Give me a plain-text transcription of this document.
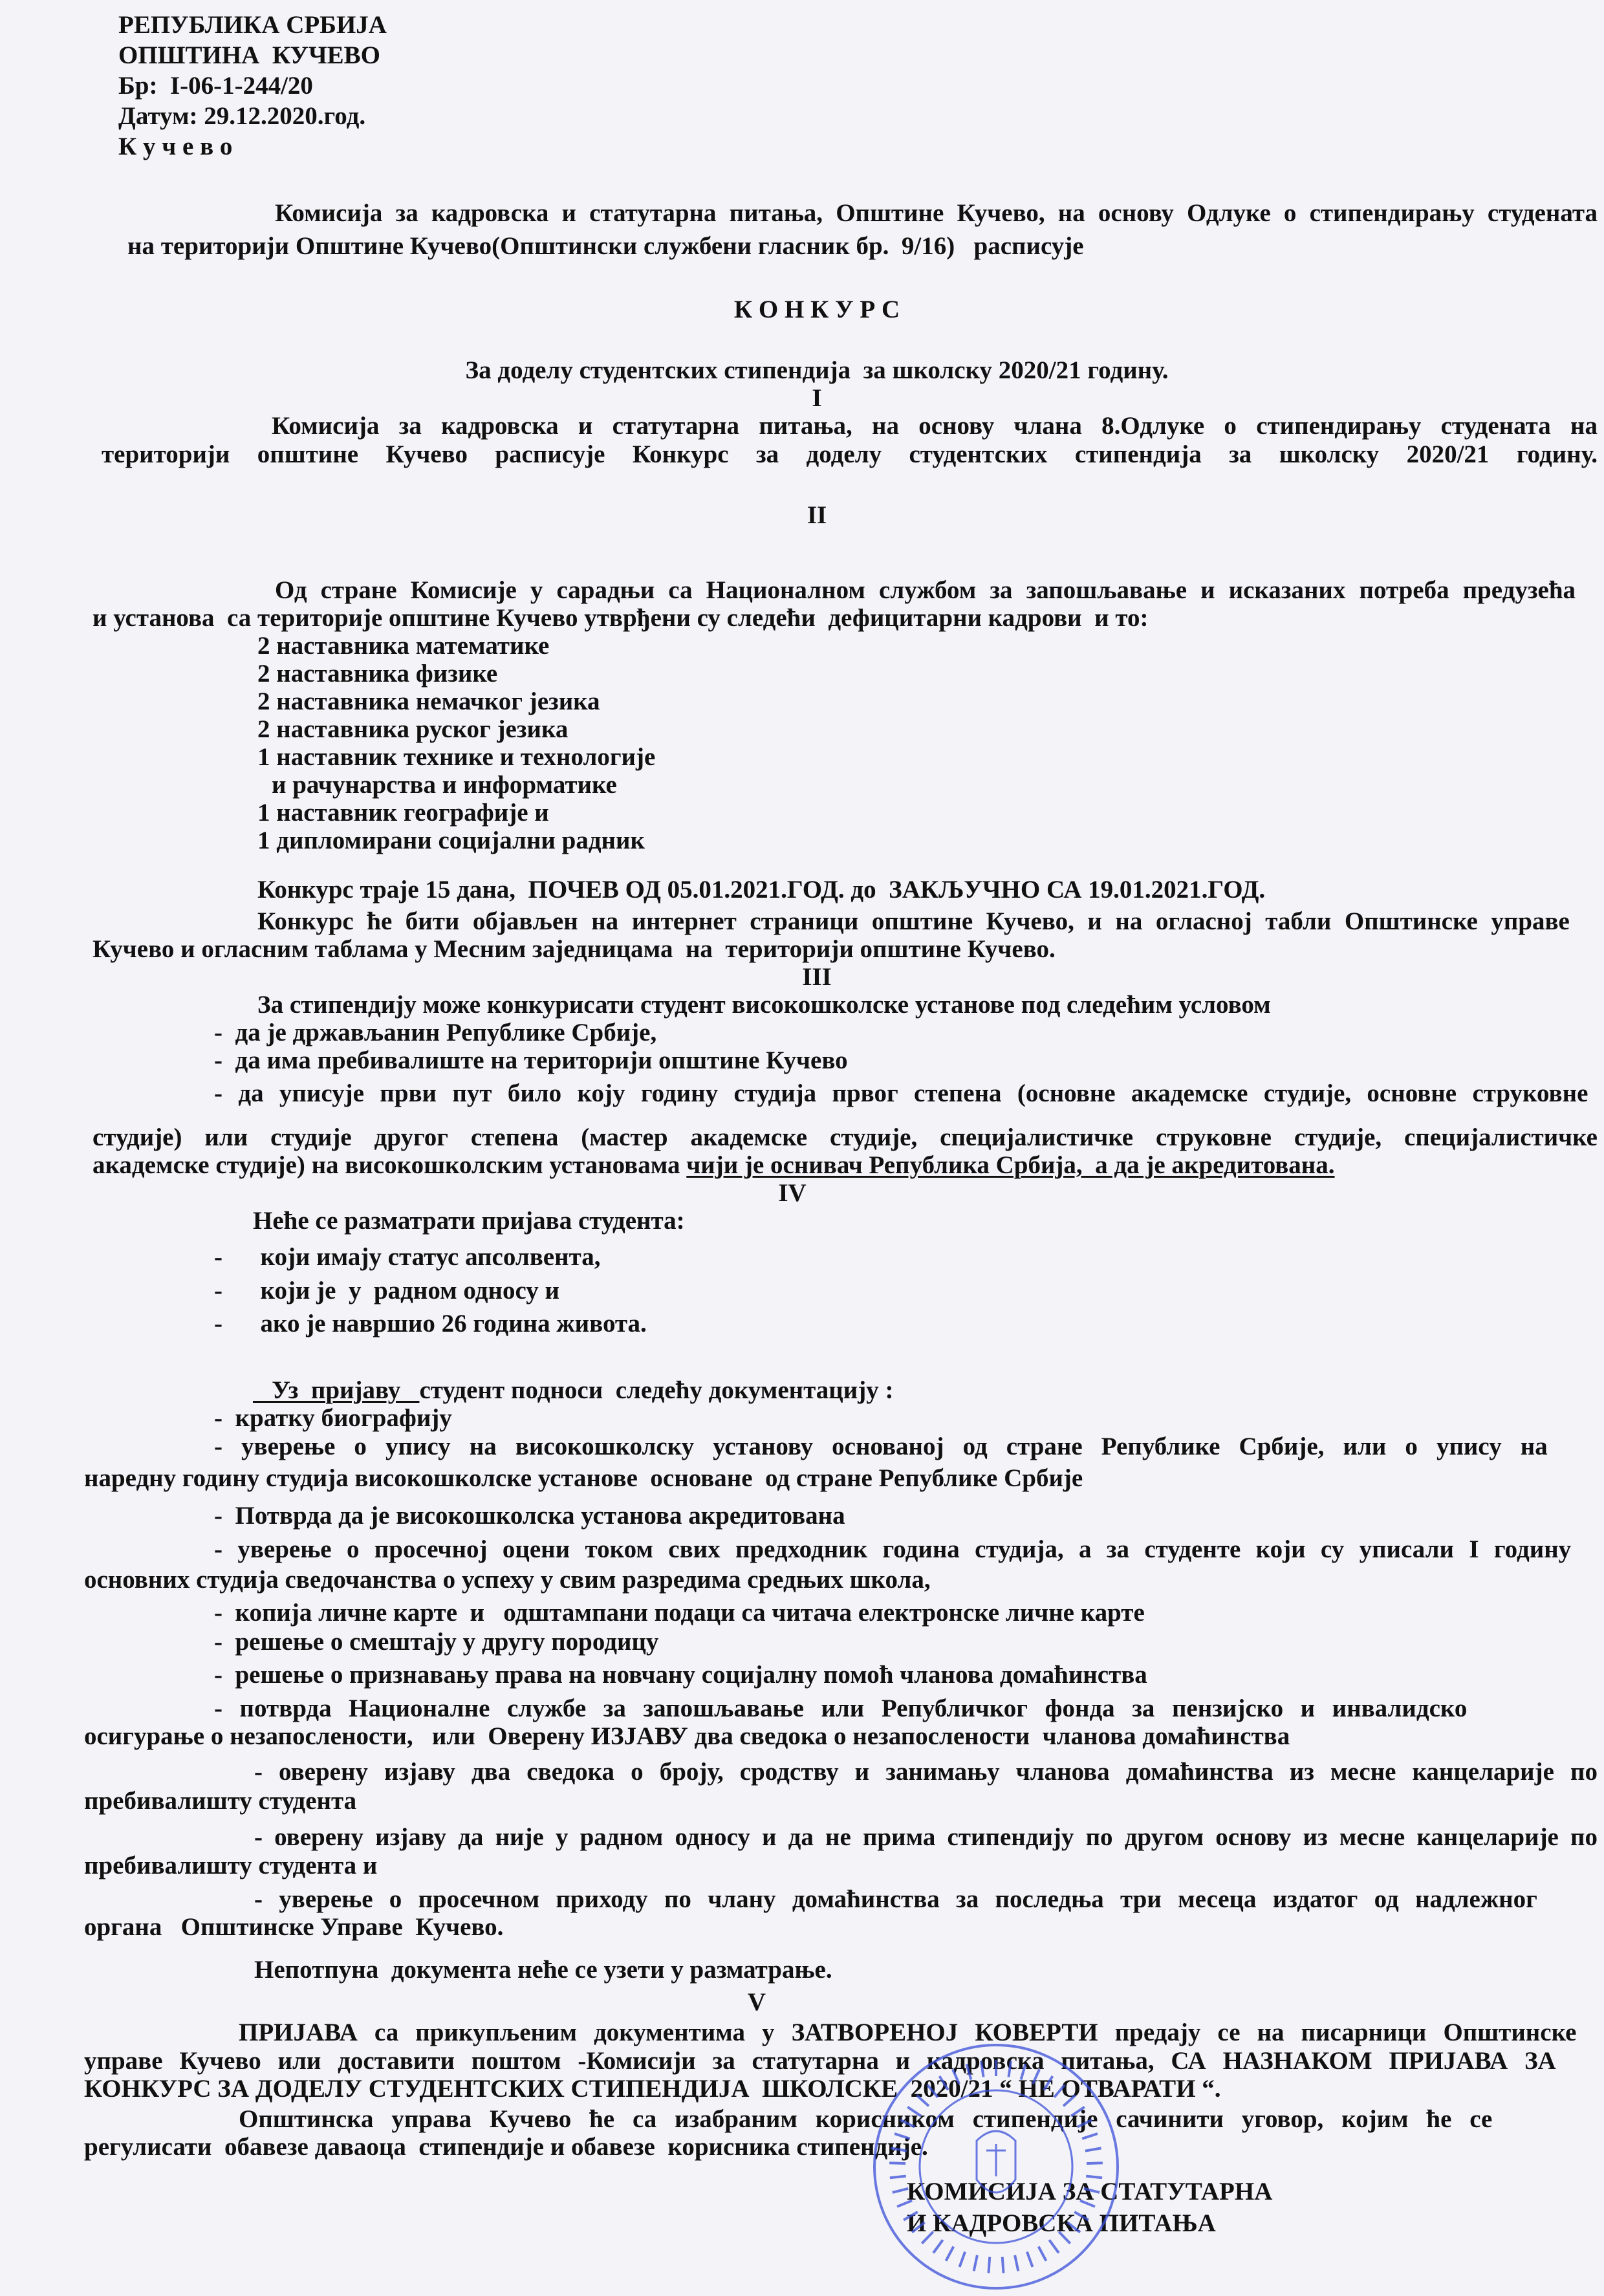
РЕПУБЛИКА СРБИЈА
ОПШТИНА  КУЧЕВО
Бр:  I-06-1-244/20
Датум: 29.12.2020.год.
К у ч е в о
Комисија за кадровска и статутарна питања, Општине Кучево, на основу Одлуке о стипендирању студената
на територији Општине Кучево(Општински службени гласник бр.  9/16)   расписује
К О Н К У Р С
За доделу студентских стипендија  за школску 2020/21 годину.
I
Комисија за кадровска и статутарна питања, на основу члана 8.Одлуке о стипендирању студената на
територији општине Кучево расписује Конкурс за доделу студентских стипендија за школску 2020/21 годину.
II
Од стране Комисије у сарадњи са Националном службом за запошљавање и исказаних потреба предузећа
и установа  са територије општине Кучево утврђени су следећи  дефицитарни кадрови  и то:
2 наставника математике
2 наставника физике
2 наставника немачког језика
2 наставника руског језика
1 наставник технике и технологије
и рачунарства и информатике
1 наставник географије и
1 дипломирани социјални радник
Конкурс траје 15 дана,  ПОЧЕВ ОД 05.01.2021.ГОД. до  ЗАКЉУЧНО СА 19.01.2021.ГОД.
Конкурс ће бити објављен на интернет страници општине Кучево, и на огласној табли Општинске управе
Кучево и огласним таблама у Месним заједницама  на  територији општине Кучево.
III
За стипендију може конкурисати студент високошколске установе под следећим условом
-  да је држављанин Републике Србије,
-  да има пребивалиште на територији општине Кучево
- да уписује први пут било коју годину студија првог степена (основне академске студије, основне струковне
студије) или студије другог степена (мастер академске студије, специјалистичке струковне студије, специјалистичке
академске студије) на високошколским установама чији је оснивач Република Србија,  а да је акредитована.
IV
Неће се разматрати пријава студента:
-      који имају статус апсолвента,
-      који је  у  радном односу и
-      ако је навршио 26 година живота.
Уз  пријаву   студент подноси  следећу документацију :
-  кратку биографију
- уверење о упису на високошколску установу основаној од стране Републике Србије, или о упису на
наредну годину студија високошколске установе  основане  од стране Републике Србије
-  Потврда да је високошколска установа акредитована
- уверење о просечној оцени током свих предходник година студија, а за студенте који су уписали I годину
основних студија сведочанства о успеху у свим разредима средњих школа,
-  копија личне карте  и   одштампани подаци са читача електронске личне карте
-  решење о смештају у другу породицу
-  решење о признавању права на новчану социјалну помоћ чланова домаћинства
- потврда Националне службе за запошљавање или Републичког фонда за пензијско и инвалидско
осигурање о незапослености,   или  Оверену ИЗЈАВУ два сведока о незапослености  чланова домаћинства
- оверену изјаву два сведока о броју, сродству и занимању чланова домаћинства из месне канцеларије по
пребивалишту студента
- оверену изјаву да није у радном односу и да не прима стипендију по другом основу из месне канцеларије по
пребивалишту студента и
- уверење о просечном приходу по члану домаћинства за последња три месеца издатог од надлежног
органа   Општинске Управе  Кучево.
Непотпуна  документа неће се узети у разматрање.
V
ПРИЈАВА са прикупљеним документима у ЗАТВОРЕНОЈ КОВЕРТИ предају се на писарници Општинске
управе Кучево или доставити поштом -Комисији за статутарна и кадровска питања, СА НАЗНАКОМ ПРИЈАВА ЗА
КОНКУРС ЗА ДОДЕЛУ СТУДЕНТСКИХ СТИПЕНДИЈА  ШКОЛСКЕ  2020/21 “ НЕ ОТВАРАТИ “.
Општинска управа Кучево ће са изабраним корисником стипендије сачинити уговор, којим ће се
регулисати  обавезе даваоца  стипендије и обавезе  корисника стипендије.
КОМИСИЈА ЗА СТАТУТАРНА
И КАДРОВСКА ПИТАЊА
